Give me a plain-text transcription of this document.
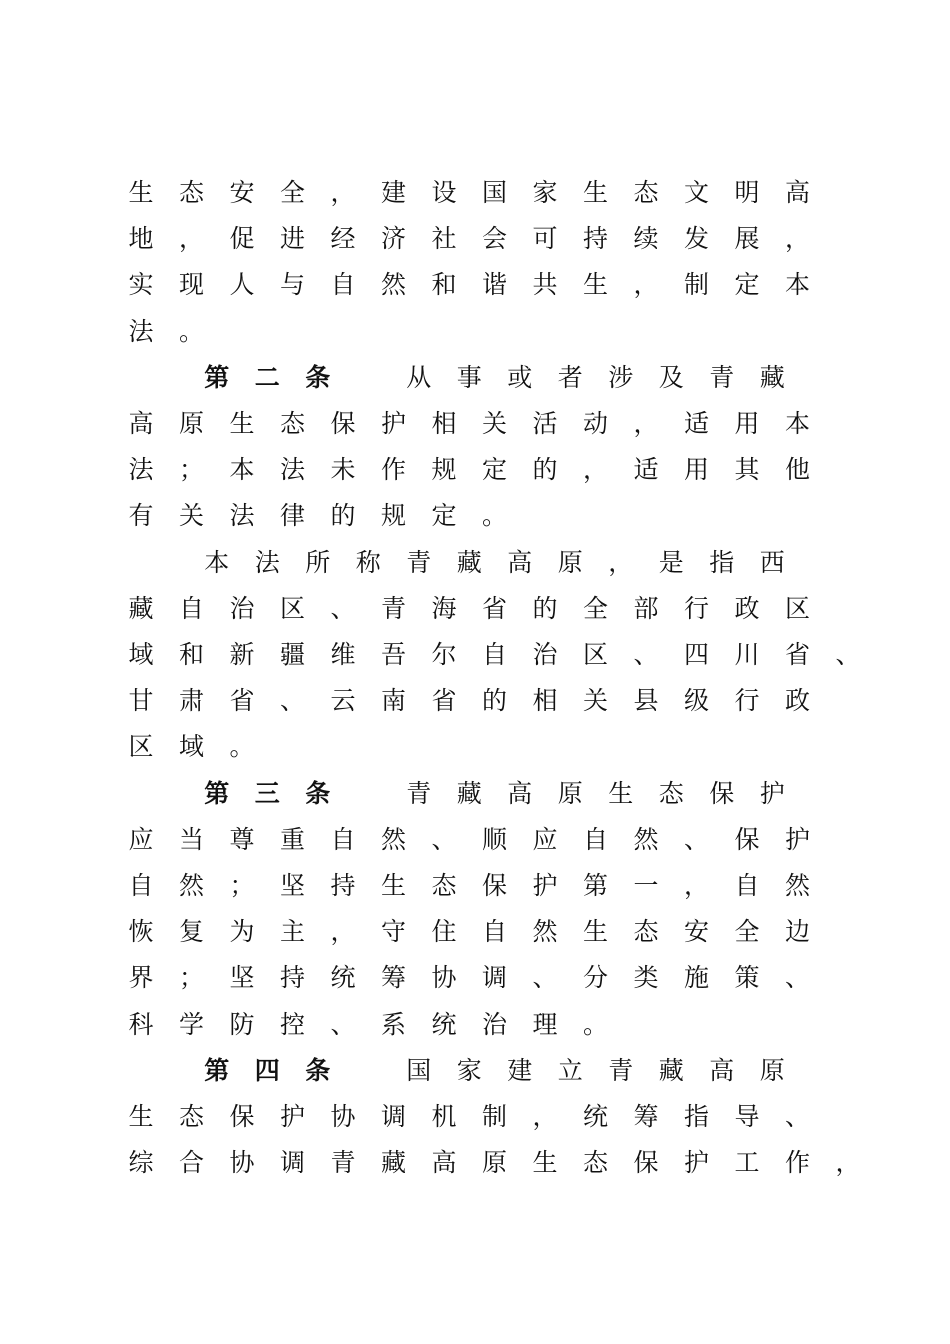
生	态	安	全	，	建	设	国	家	生	态	文	明	高
地	，	促	进	经	济	社	会	可	持	续	发	展	，
实	现	人	与	自	然	和	谐	共	生	，	制	定	本
法	。
第	二	条	从	事	或	者	涉	及	青	藏
高	原	生	态	保	护	相	关	活	动	，	适	用	本
法	；	本	法	未	作	规	定	的	，	适	用	其	他
有	关	法	律	的	规	定	。
本	法	所	称	青	藏	高	原	，	是	指	西
藏	自	治	区	、	青	海	省	的	全	部	行	政	区
域	和	新	疆	维	吾	尔	自	治	区	、	四	川	省	、
甘	肃	省	、	云	南	省	的	相	关	县	级	行	政
区	域	。
第	三	条	青	藏	高	原	生	态	保	护
应	当	尊	重	自	然	、	顺	应	自	然	、	保	护
自	然	；	坚	持	生	态	保	护	第	一	，	自	然
恢	复	为	主	，	守	住	自	然	生	态	安	全	边
界	；	坚	持	统	筹	协	调	、	分	类	施	策	、
科	学	防	控	、	系	统	治	理	。
第	四	条	国	家	建	立	青	藏	高	原
生	态	保	护	协	调	机	制	，	统	筹	指	导	、
综	合	协	调	青	藏	高	原	生	态	保	护	工	作	，
